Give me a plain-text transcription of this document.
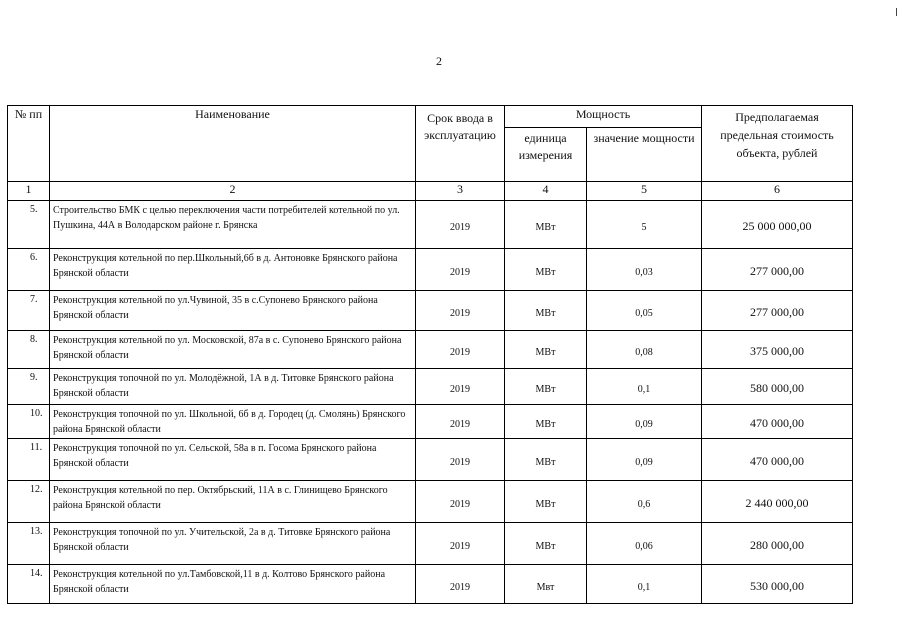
2
№ пп	Наименование	Срок ввода в эксплуатацию	Мощность		Предполагаемая предельная стоимость объекта, рублей
			единица измерения	значение мощности	
1	2	3	4	5	6
5.	Строительство БМК с целью переключения части потребителей котельной по ул. Пушкина, 44А в Володарском районе г. Брянска	2019	МВт	5	25 000 000,00
6.	Реконструкция котельной по пер.Школьный,6б в д. Антоновке Брянского района Брянской области	2019	МВт	0,03	277 000,00
7.	Реконструкция котельной по ул.Чувиной, 35 в с.Супонево Брянского района Брянской области	2019	МВт	0,05	277 000,00
8.	Реконструкция котельной по ул. Московской, 87а в с. Супонево Брянского района Брянской области	2019	МВт	0,08	375 000,00
9.	Реконструкция топочной по ул. Молодёжной, 1А в д. Титовке Брянского района Брянской области	2019	МВт	0,1	580 000,00
10.	Реконструкция топочной по ул. Школьной, 6б в д. Городец (д. Смолянь) Брянского района Брянской области	2019	МВт	0,09	470 000,00
11.	Реконструкция топочной по ул. Сельской, 58а в п. Госома Брянского района Брянской области	2019	МВт	0,09	470 000,00
12.	Реконструкция котельной по пер. Октябрьский, 11А в с. Глинищево Брянского района Брянской области	2019	МВт	0,6	2 440 000,00
13.	Реконструкция топочной по ул. Учительской, 2а в д. Титовке Брянского района Брянской области	2019	МВт	0,06	280 000,00
14.	Реконструкция котельной по ул.Тамбовской,11 в д. Колтово Брянского района Брянской области	2019	Мвт	0,1	530 000,00
